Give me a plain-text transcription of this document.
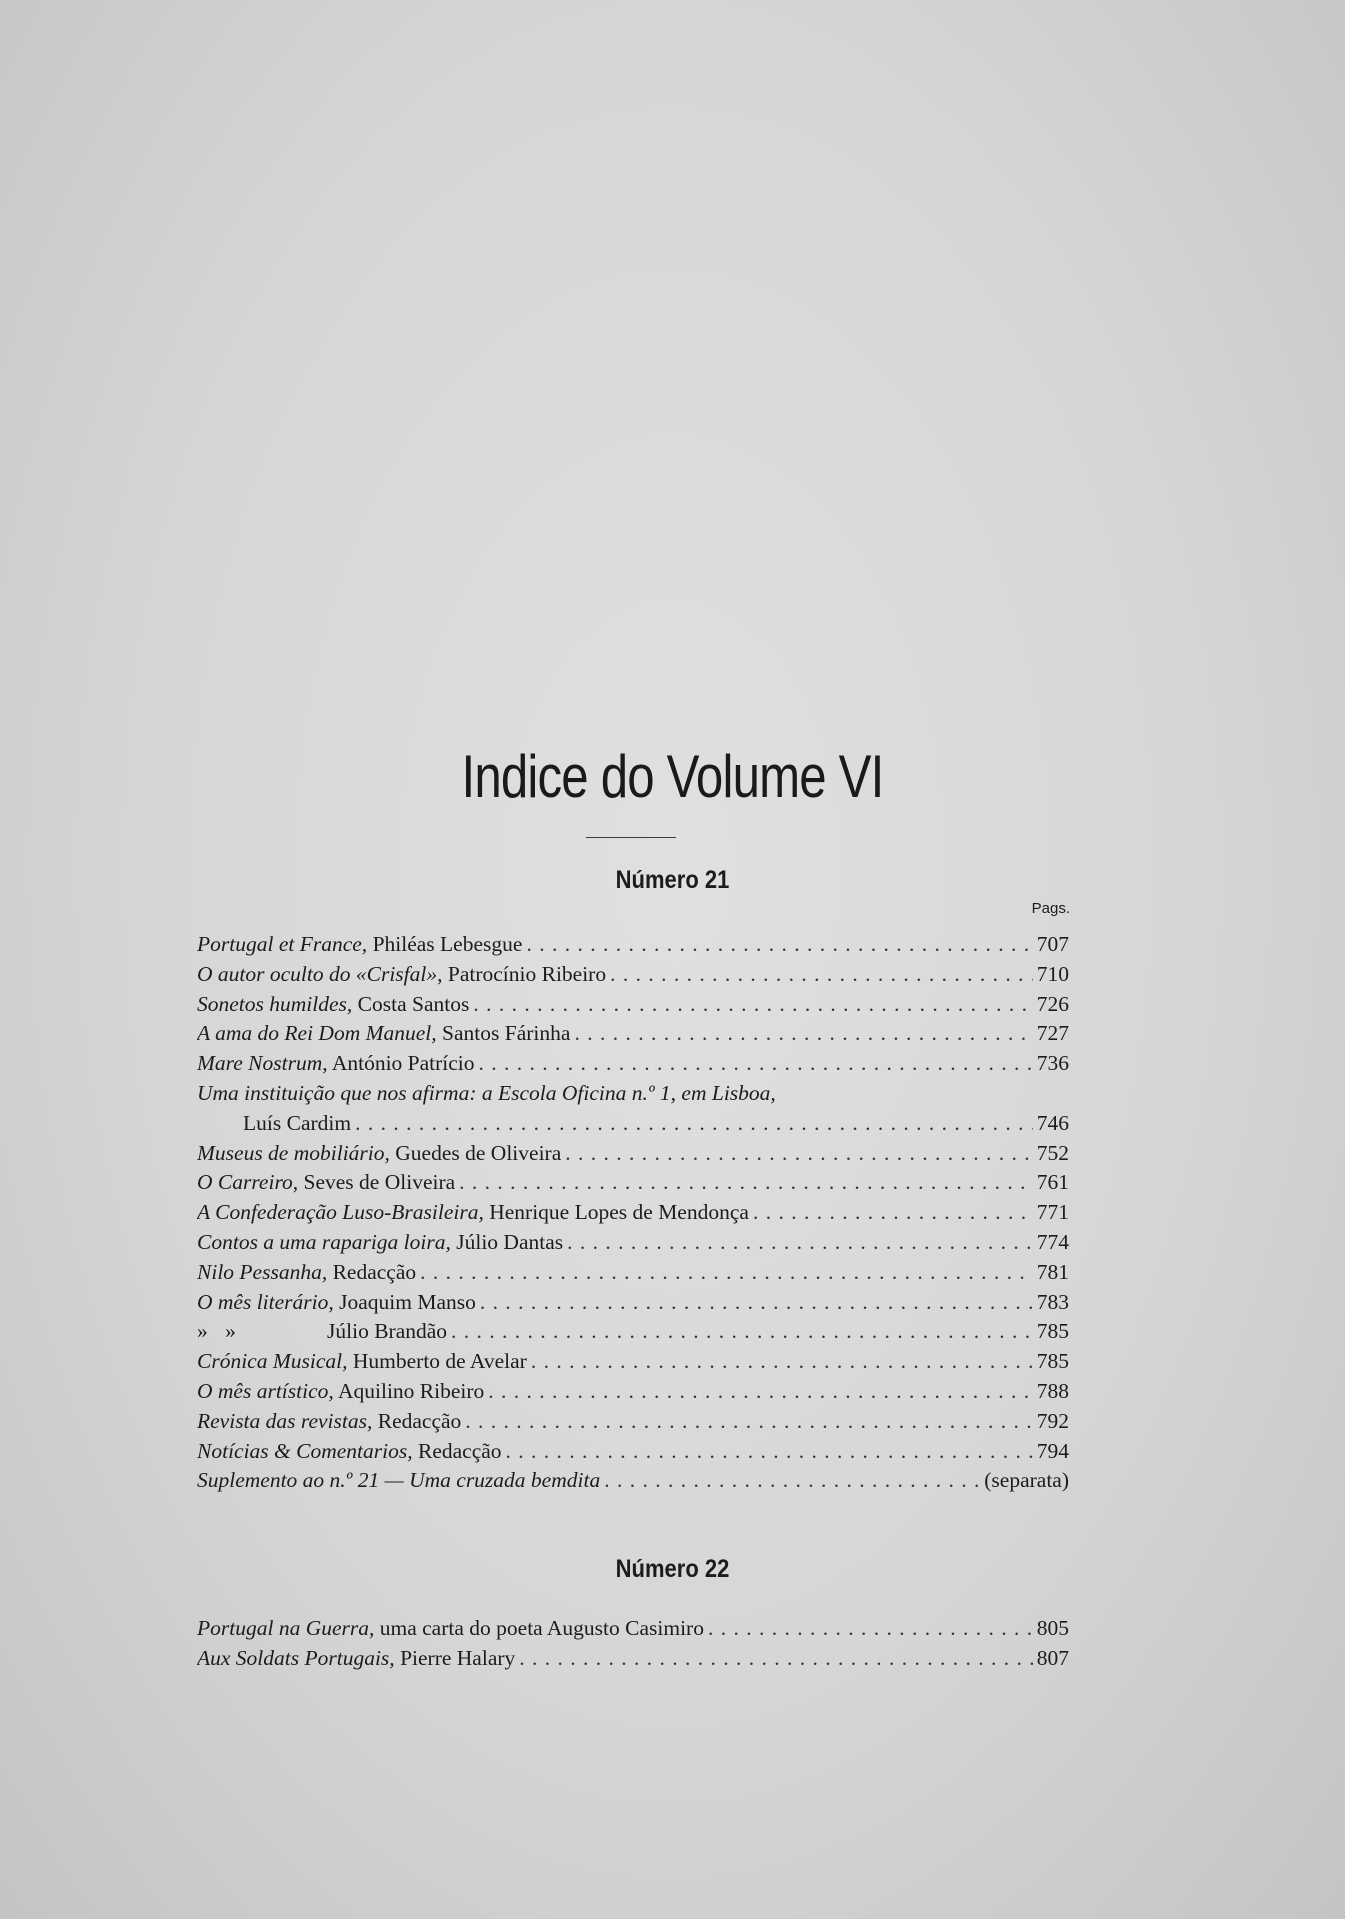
Indice do Volume VI
Número 21
Pags.
Portugal et France, Philéas Lebesgue . . .	707
O autor oculto do «Crisfal», Patrocínio Ribeiro . . .	710
Sonetos humildes, Costa Santos . . .	726
A ama do Rei Dom Manuel, Santos Fárinha . . .	727
Mare Nostrum, António Patrício . . .	736
Uma instituição que nos afirma: a Escola Oficina n.º 1, em Lisboa,
Luís Cardim . . .	746
Museus de mobiliário, Guedes de Oliveira . . .	752
O Carreiro, Seves de Oliveira . . .	761
A Confederação Luso-Brasileira, Henrique Lopes de Mendonça . . .	771
Contos a uma rapariga loira, Júlio Dantas . . .	774
Nilo Pessanha, Redacção . . .	781
O mês literário, Joaquim Manso . . .	783
» »	Júlio Brandão . . .	785
Crónica Musical, Humberto de Avelar . . .	785
O mês artístico, Aquilino Ribeiro . . .	788
Revista das revistas, Redacção . . .	792
Notícias & Comentarios, Redacção . . .	794
Suplemento ao n.º 21 — Uma cruzada bemdita . . .	(separata)
Número 22
Portugal na Guerra, uma carta do poeta Augusto Casimiro . . .	805
Aux Soldats Portugais, Pierre Halary . . .	807
